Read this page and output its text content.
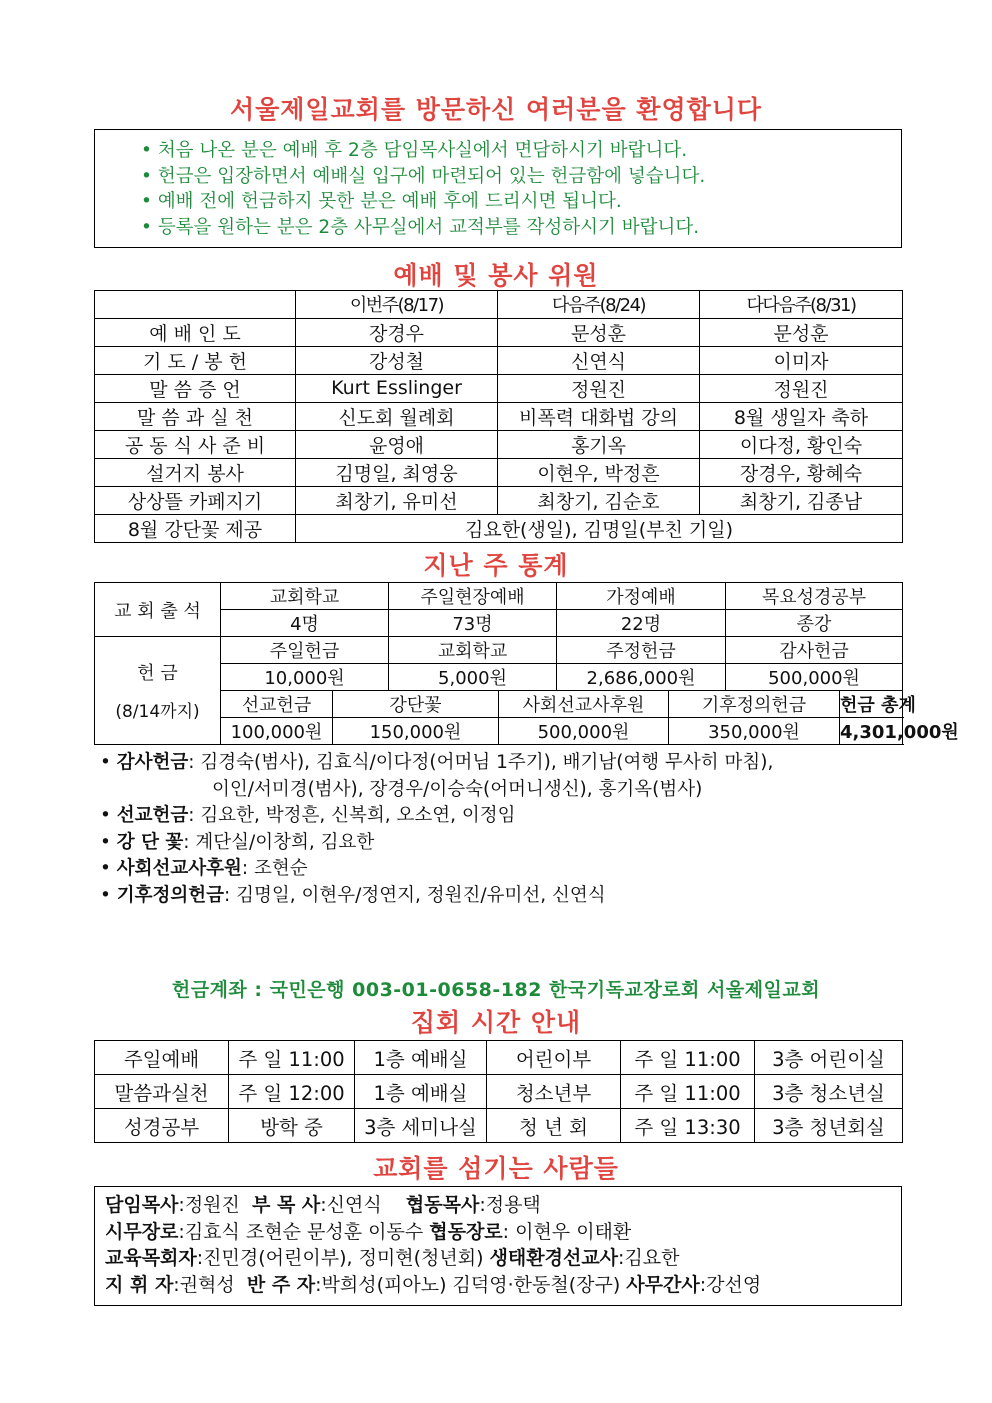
서울제일교회를 방문하신 여러분을 환영합니다
• 처음 나온 분은 예배 후 2층 담임목사실에서 면담하시기 바랍니다.
• 헌금은 입장하면서 예배실 입구에 마련되어 있는 헌금함에 넣습니다.
• 예배 전에 헌금하지 못한 분은 예배 후에 드리시면 됩니다.
• 등록을 원하는 분은 2층 사무실에서 교적부를 작성하시기 바랍니다.
예배 및 봉사 위원
	이번주(8/17)	다음주(8/24)	다다음주(8/31)
예 배 인 도	장경우	문성훈	문성훈
기 도 / 봉 헌	강성철	신연식	이미자
말 씀 증 언	Kurt Esslinger	정원진	정원진
말 씀 과 실 천	신도회 월례회	비폭력 대화법 강의	8월 생일자 축하
공 동 식 사 준 비	윤영애	홍기옥	이다정, 황인숙
설거지 봉사	김명일, 최영웅	이현우, 박정흔	장경우, 황혜숙
상상뜰 카페지기	최창기, 유미선	최창기, 김순호	최창기, 김종남
8월 강단꽃 제공	김요한(생일), 김명일(부친 기일)		
지난 주 통계
교 회 출 석	교회학교		주일현장예배		가정예배		목요성경공부	
	4명		73명		22명		종강	

헌 금
(8/14까지)	주일헌금		교회학교		주정헌금		감사헌금	
	10,000원		5,000원		2,686,000원		500,000원	
	선교헌금	강단꽃		사회선교사후원		기후정의헌금		헌금 총계
	100,000원	150,000원		500,000원		350,000원		4,301,000원
• 감사헌금: 김경숙(범사), 김효식/이다정(어머님 1주기), 배기남(여행 무사히 마침),
이인/서미경(범사), 장경우/이승숙(어머니생신), 홍기옥(범사)
• 선교헌금: 김요한, 박정흔, 신복희, 오소연, 이정임
• 강 단 꽃: 계단실/이창희, 김요한
• 사회선교사후원: 조현순
• 기후정의헌금: 김명일, 이현우/정연지, 정원진/유미선, 신연식
헌금계좌 : 국민은행 003-01-0658-182 한국기독교장로회 서울제일교회
집회 시간 안내
주일예배	주 일 11:00	1층 예배실	어린이부	주 일 11:00	3층 어린이실
말씀과실천	주 일 12:00	1층 예배실	청소년부	주 일 11:00	3층 청소년실
성경공부	방학 중	3층 세미나실	청 년 회	주 일 13:30	3층 청년회실
교회를 섬기는 사람들
담임목사:정원진  부 목 사:신연식    협동목사:정용택
시무장로:김효식 조현순 문성훈 이동수 협동장로: 이현우 이태환
교육목회자:진민경(어린이부), 정미현(청년회) 생태환경선교사:김요한
지 휘 자:권혁성  반 주 자:박희성(피아노) 김덕영·한동철(장구) 사무간사:강선영
